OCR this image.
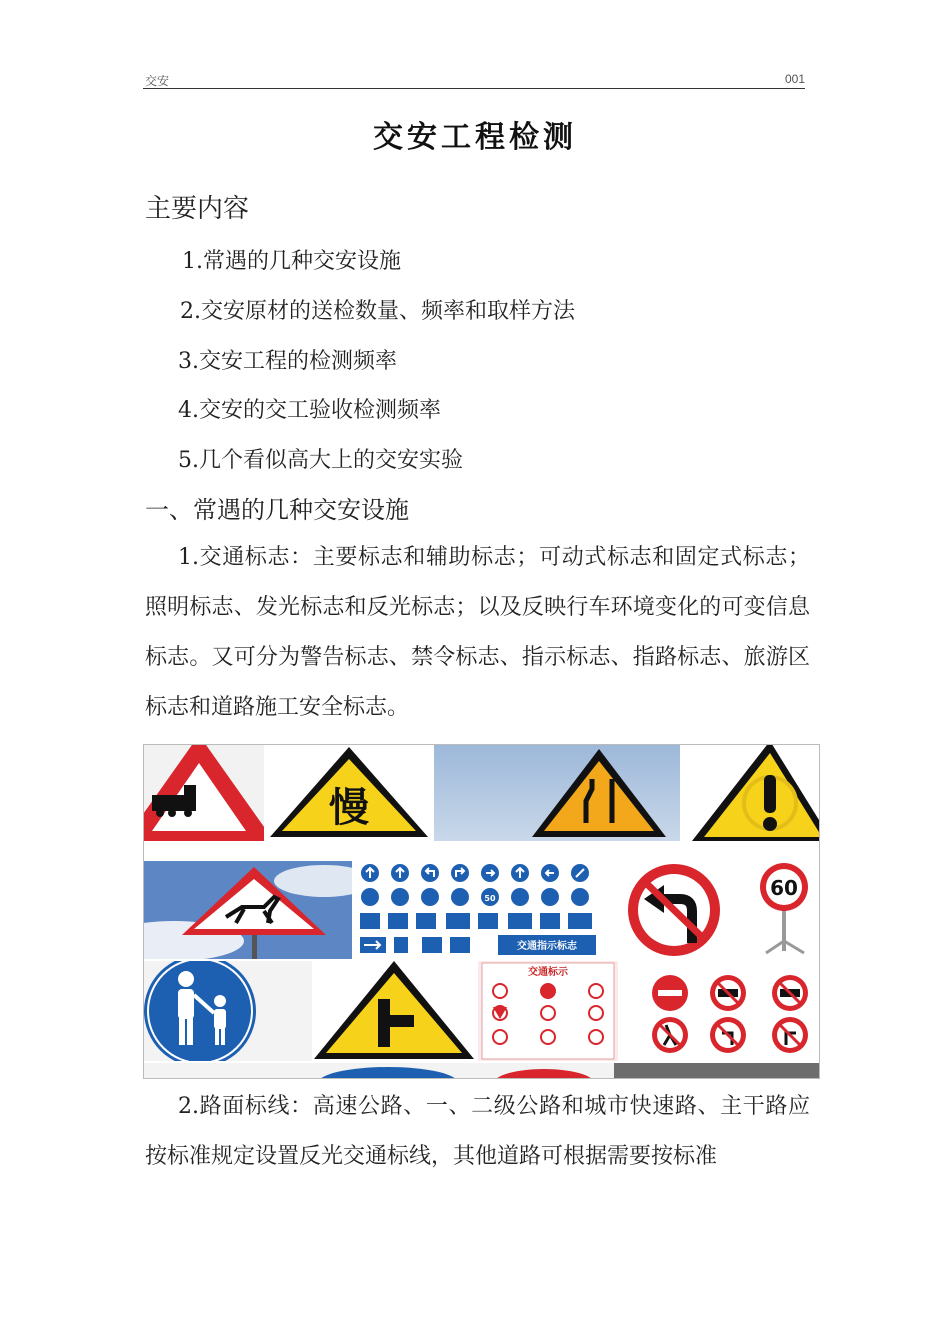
交安	001
交安工程检测
主要内容
1.常遇的几种交安设施
2.交安原材的送检数量、频率和取样方法
3.交安工程的检测频率
4.交安的交工验收检测频率
5.几个看似高大上的交安实验
一、常遇的几种交安设施
1.交通标志：主要标志和辅助标志；可动式标志和固定式标志；照明标志、发光标志和反光标志；以及反映行车环境变化的可变信息标志。又可分为警告标志、禁令标志、指示标志、指路标志、旅游区标志和道路施工安全标志。
慢
50
交通指示标志
60
交通标示
2.路面标线：高速公路、一、二级公路和城市快速路、主干路应按标准规定设置反光交通标线，其他道路可根据需要按标准
